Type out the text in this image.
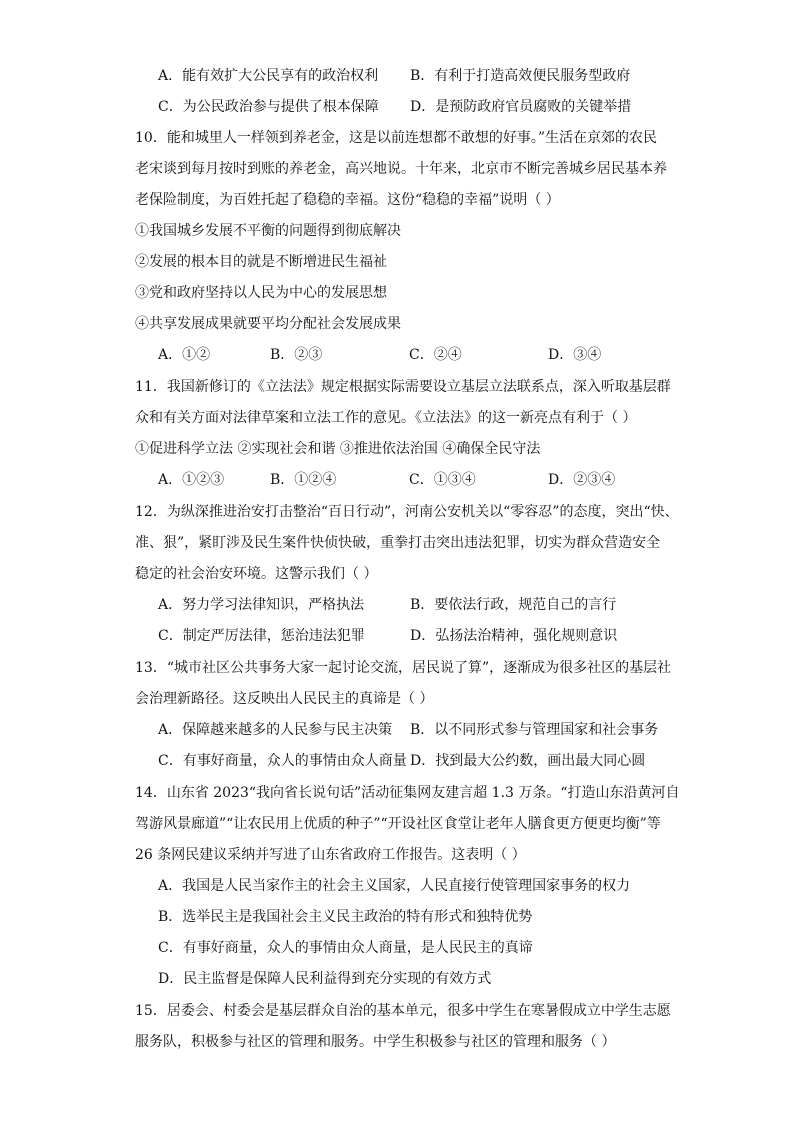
A．能有效扩大公民享有的政治权利	B．有利于打造高效便民服务型政府
C．为公民政治参与提供了根本保障	D．是预防政府官员腐败的关键举措
10．能和城里人一样领到养老金，这是以前连想都不敢想的好事。”生活在京郊的农民
老宋谈到每月按时到账的养老金，高兴地说。十年来，北京市不断完善城乡居民基本养
老保险制度，为百姓托起了稳稳的幸福。这份“稳稳的幸福”说明（ ）
①我国城乡发展不平衡的问题得到彻底解决
②发展的根本目的就是不断增进民生福祉
③党和政府坚持以人民为中心的发展思想
④共享发展成果就要平均分配社会发展成果
A．①②	B．②③	C．②④	D．③④
11．我国新修订的《立法法》规定根据实际需要设立基层立法联系点，深入听取基层群
众和有关方面对法律草案和立法工作的意见。《立法法》的这一新亮点有利于（ ）
①促进科学立法 ②实现社会和谐 ③推进依法治国 ④确保全民守法
A．①②③	B．①②④	C．①③④	D．②③④
12．为纵深推进治安打击整治“百日行动”，河南公安机关以“零容忍”的态度，突出“快、
准、狠”，紧盯涉及民生案件快侦快破，重拳打击突出违法犯罪，切实为群众营造安全
稳定的社会治安环境。这警示我们（ ）
A．努力学习法律知识，严格执法	B．要依法行政，规范自己的言行
C．制定严厉法律，惩治违法犯罪	D．弘扬法治精神，强化规则意识
13．“城市社区公共事务大家一起讨论交流，居民说了算”，逐渐成为很多社区的基层社
会治理新路径。这反映出人民民主的真谛是（ ）
A．保障越来越多的人民参与民主决策	B．以不同形式参与管理国家和社会事务
C．有事好商量，众人的事情由众人商量 D．找到最大公约数，画出最大同心圆
14．山东省 2023“我向省长说句话”活动征集网友建言超 1.3 万条。“打造山东沿黄河自
驾游风景廊道”“让农民用上优质的种子”“开设社区食堂让老年人膳食更方便更均衡”等
26 条网民建议采纳并写进了山东省政府工作报告。这表明（ ）
A．我国是人民当家作主的社会主义国家，人民直接行使管理国家事务的权力
B．选举民主是我国社会主义民主政治的特有形式和独特优势
C．有事好商量，众人的事情由众人商量，是人民民主的真谛
D．民主监督是保障人民利益得到充分实现的有效方式
15．居委会、村委会是基层群众自治的基本单元，很多中学生在寒暑假成立中学生志愿
服务队，积极参与社区的管理和服务。中学生积极参与社区的管理和服务（ ）
